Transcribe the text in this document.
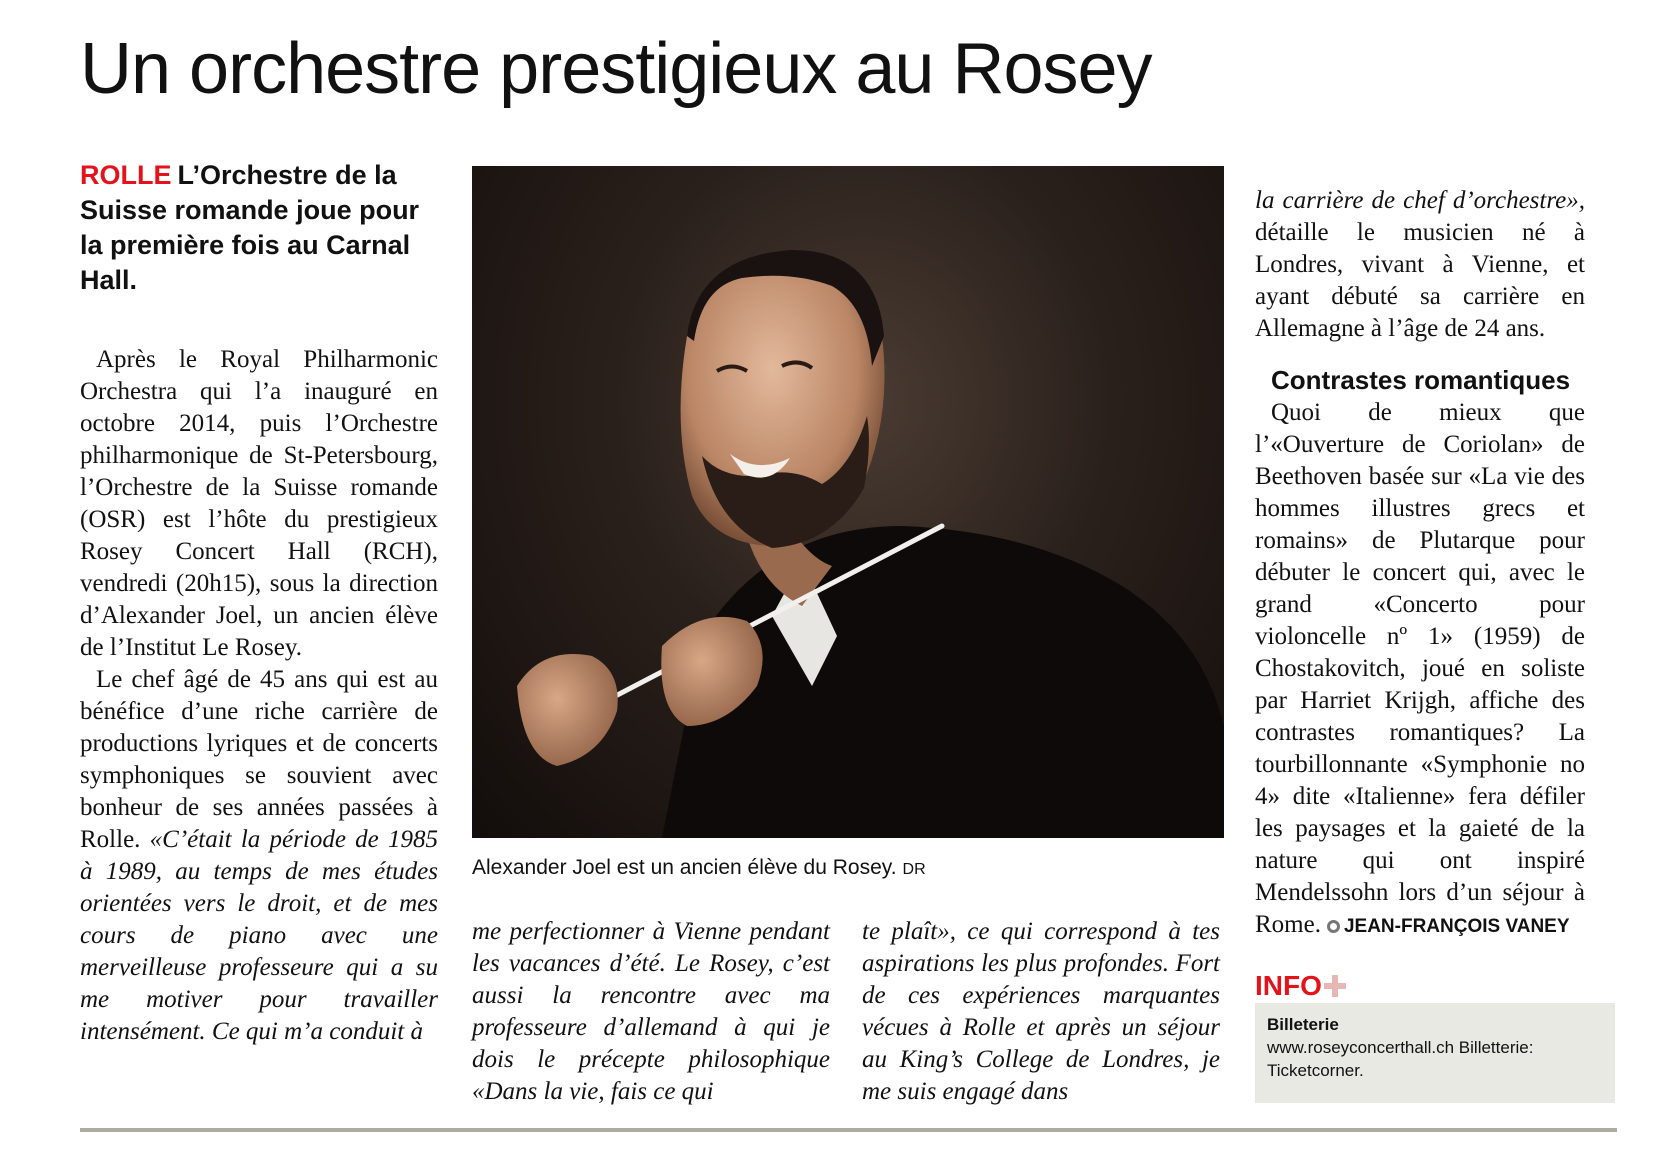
Un orchestre prestigieux au Rosey

ROLLE L’Orchestre de la Suisse romande joue pour la première fois au Carnal Hall.

Après le Royal Philharmonic Orchestra qui l’a inauguré en octobre 2014, puis l’Orchestre philharmonique de St-Petersbourg, l’Orchestre de la Suisse romande (OSR) est l’hôte du prestigieux Rosey Concert Hall (RCH), vendredi (20h15), sous la direction d’Alexander Joel, un ancien élève de l’Institut Le Rosey.

Le chef âgé de 45 ans qui est au bénéfice d’une riche carrière de productions lyriques et de concerts symphoniques se souvient avec bonheur de ses années passées à Rolle. «C’était la période de 1985 à 1989, au temps de mes études orientées vers le droit, et de mes cours de piano avec une merveilleuse professeure qui a su me motiver pour travailler intensément. Ce qui m’a conduit à

Alexander Joel est un ancien élève du Rosey. DR
me perfectionner à Vienne pendant les vacances d’été. Le Rosey, c’est aussi la rencontre avec ma professeure d’allemand à qui je dois le précepte philosophique «Dans la vie, fais ce qui
te plaît», ce qui correspond à tes aspirations les plus profondes. Fort de ces expériences marquantes vécues à Rolle et après un séjour au King’s College de Londres, je me suis engagé dans
la carrière de chef d’orchestre», détaille le musicien né à Londres, vivant à Vienne, et ayant débuté sa carrière en Allemagne à l’âge de 24 ans.
Contrastes romantiques

Quoi de mieux que l’«Ouverture de Coriolan» de Beethoven basée sur «La vie des hommes illustres grecs et romains» de Plutarque pour débuter le concert qui, avec le grand «Concerto pour violoncelle nº 1» (1959) de Chostakovitch, joué en soliste par Harriet Krijgh, affiche des contrastes romantiques? La tourbillonnante «Symphonie no 4» dite «Italienne» fera défiler les paysages et la gaieté de la nature qui ont inspiré Mendelssohn lors d’un séjour à Rome. JEAN-FRANÇOIS VANEY

INFO
Billeterie
www.roseyconcerthall.ch Billetterie: Ticketcorner.
